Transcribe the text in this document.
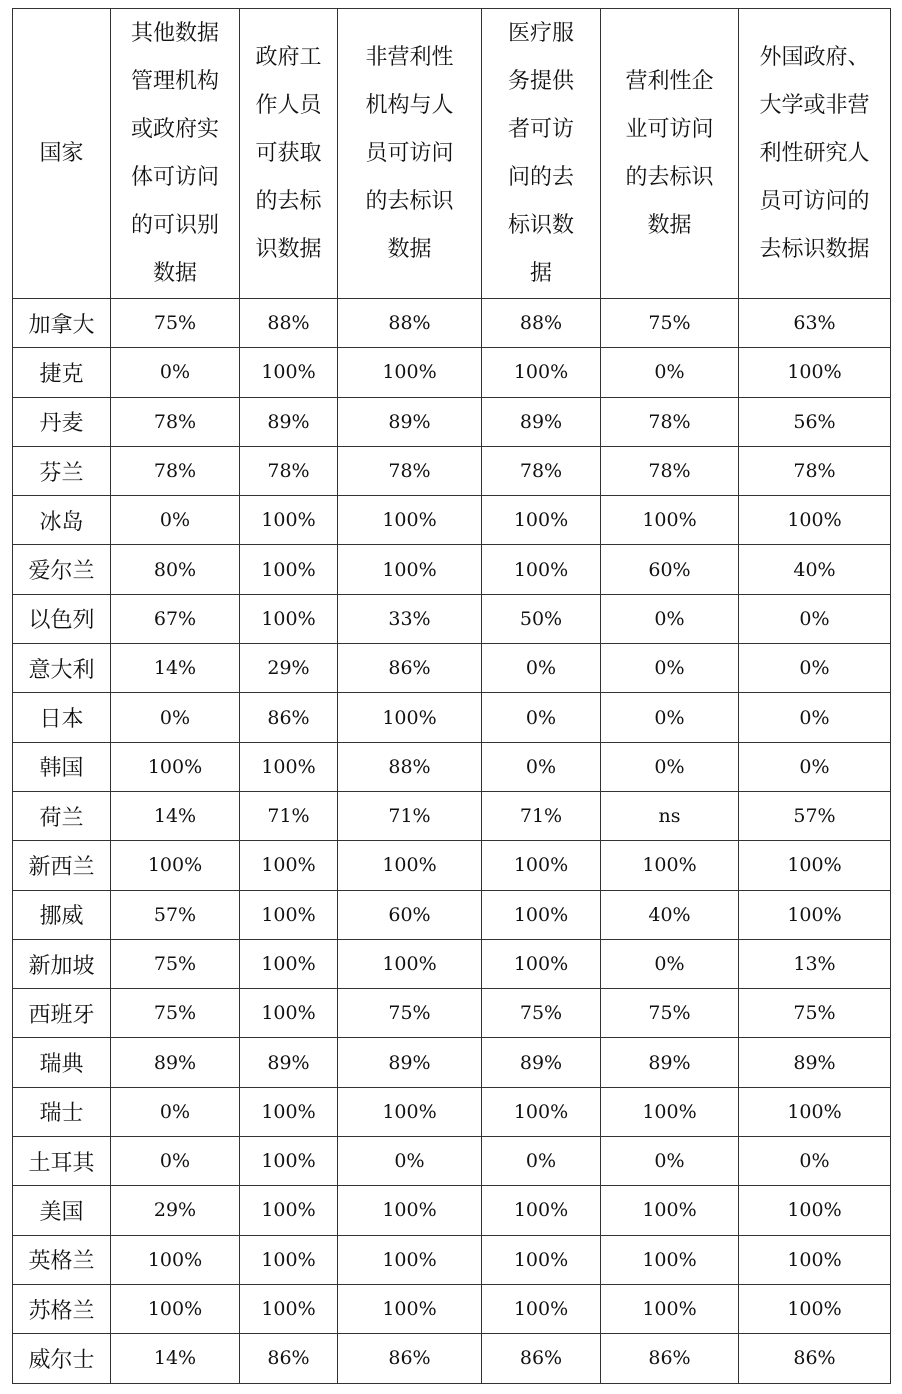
国家	其他数据管理机构或政府实体可访问的可识别数据	政府工作人员可获取的去标识数据	非营利性机构与人员可访问的去标识数据	医疗服务提供者可访问的去标识数据	营利性企业可访问的去标识数据	外国政府、大学或非营利性研究人员可访问的去标识数据
加拿大	75%	88%	88%	88%	75%	63%
捷克	0%	100%	100%	100%	0%	100%
丹麦	78%	89%	89%	89%	78%	56%
芬兰	78%	78%	78%	78%	78%	78%
冰岛	0%	100%	100%	100%	100%	100%
爱尔兰	80%	100%	100%	100%	60%	40%
以色列	67%	100%	33%	50%	0%	0%
意大利	14%	29%	86%	0%	0%	0%
日本	0%	86%	100%	0%	0%	0%
韩国	100%	100%	88%	0%	0%	0%
荷兰	14%	71%	71%	71%	ns	57%
新西兰	100%	100%	100%	100%	100%	100%
挪威	57%	100%	60%	100%	40%	100%
新加坡	75%	100%	100%	100%	0%	13%
西班牙	75%	100%	75%	75%	75%	75%
瑞典	89%	89%	89%	89%	89%	89%
瑞士	0%	100%	100%	100%	100%	100%
土耳其	0%	100%	0%	0%	0%	0%
美国	29%	100%	100%	100%	100%	100%
英格兰	100%	100%	100%	100%	100%	100%
苏格兰	100%	100%	100%	100%	100%	100%
威尔士	14%	86%	86%	86%	86%	86%
